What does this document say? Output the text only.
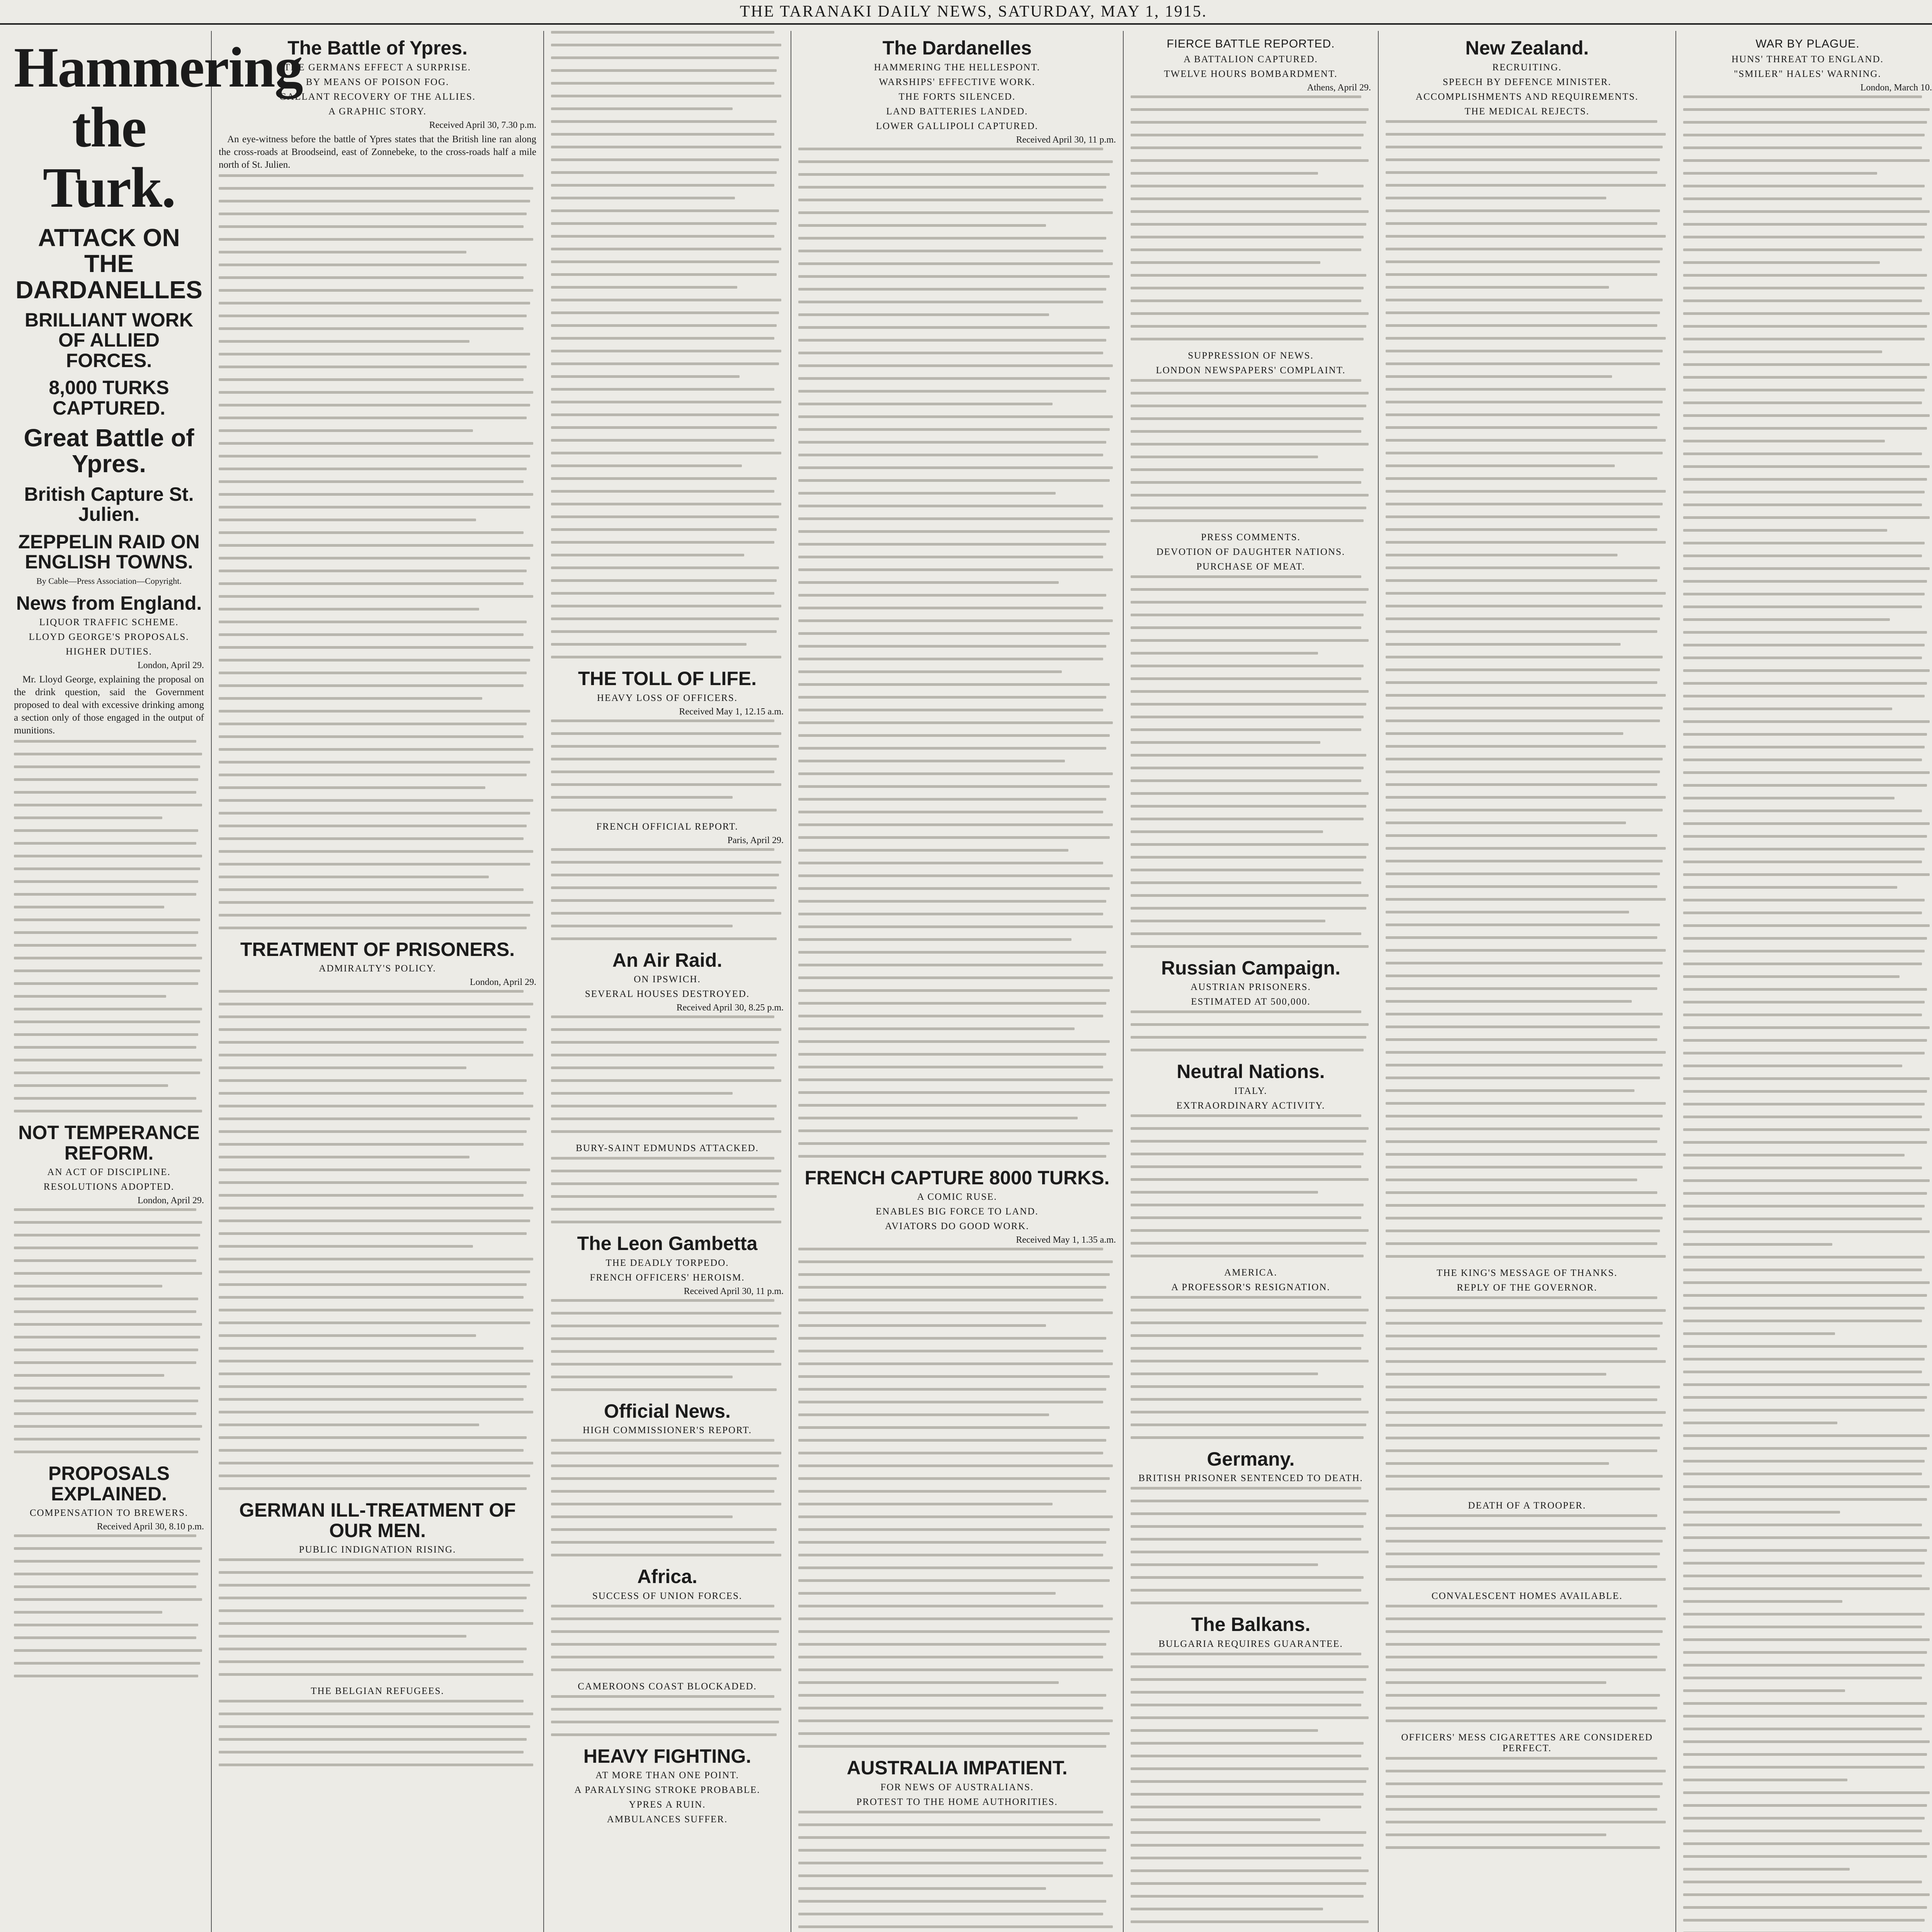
THE TARANAKI DAILY NEWS, SATURDAY, MAY 1, 1915.
Hammering the Turk.
ATTACK ON THE DARDANELLES
BRILLIANT WORK OF ALLIED FORCES.
8,000 TURKS CAPTURED.
Great Battle of Ypres.
British Capture St. Julien.
ZEPPELIN RAID ON ENGLISH TOWNS.
By Cable—Press Association—Copyright.
News from England.
LIQUOR TRAFFIC SCHEME.
LLOYD GEORGE'S PROPOSALS.
HIGHER DUTIES.
London, April 29.

Mr. Lloyd George, explaining the proposal on the drink question, said the Government proposed to deal with excessive drinking among a section only of those engaged in the output of munitions.

NOT TEMPERANCE REFORM.
AN ACT OF DISCIPLINE.
RESOLUTIONS ADOPTED.
London, April 29.
PROPOSALS EXPLAINED.
COMPENSATION TO BREWERS.
Received April 30, 8.10 p.m.
The Battle of Ypres.
THE GERMANS EFFECT A SURPRISE.
BY MEANS OF POISON FOG.
GALLANT RECOVERY OF THE ALLIES.
A GRAPHIC STORY.
Received April 30, 7.30 p.m.

An eye-witness before the battle of Ypres states that the British line ran along the cross-roads at Broodseind, east of Zonnebeke, to the cross-roads half a mile north of St. Julien.

TREATMENT OF PRISONERS.
ADMIRALTY'S POLICY.
London, April 29.
GERMAN ILL-TREATMENT OF OUR MEN.
PUBLIC INDIGNATION RISING.
THE BELGIAN REFUGEES.
THE TOLL OF LIFE.
HEAVY LOSS OF OFFICERS.
Received May 1, 12.15 a.m.
FRENCH OFFICIAL REPORT.
Paris, April 29.
An Air Raid.
ON IPSWICH.
SEVERAL HOUSES DESTROYED.
Received April 30, 8.25 p.m.
BURY-SAINT EDMUNDS ATTACKED.
The Leon Gambetta
THE DEADLY TORPEDO.
FRENCH OFFICERS' HEROISM.
Received April 30, 11 p.m.
Official News.
HIGH COMMISSIONER'S REPORT.
Africa.
SUCCESS OF UNION FORCES.
CAMEROONS COAST BLOCKADED.
HEAVY FIGHTING.
AT MORE THAN ONE POINT.
A PARALYSING STROKE PROBABLE.
YPRES A RUIN.
AMBULANCES SUFFER.
The Dardanelles
HAMMERING THE HELLESPONT.
WARSHIPS' EFFECTIVE WORK.
THE FORTS SILENCED.
LAND BATTERIES LANDED.
LOWER GALLIPOLI CAPTURED.
Received April 30, 11 p.m.
FRENCH CAPTURE 8000 TURKS.
A COMIC RUSE.
ENABLES BIG FORCE TO LAND.
AVIATORS DO GOOD WORK.
Received May 1, 1.35 a.m.
AUSTRALIA IMPATIENT.
FOR NEWS OF AUSTRALIANS.
PROTEST TO THE HOME AUTHORITIES.
FIERCE BATTLE REPORTED.
A BATTALION CAPTURED.
TWELVE HOURS BOMBARDMENT.
Athens, April 29.
SUPPRESSION OF NEWS.
LONDON NEWSPAPERS' COMPLAINT.
PRESS COMMENTS.
DEVOTION OF DAUGHTER NATIONS.
PURCHASE OF MEAT.
Russian Campaign.
AUSTRIAN PRISONERS.
ESTIMATED AT 500,000.
Neutral Nations.
ITALY.
EXTRAORDINARY ACTIVITY.
AMERICA.
A PROFESSOR'S RESIGNATION.
Germany.
BRITISH PRISONER SENTENCED TO DEATH.
The Balkans.
BULGARIA REQUIRES GUARANTEE.
New Zealand.
RECRUITING.
SPEECH BY DEFENCE MINISTER.
ACCOMPLISHMENTS AND REQUIREMENTS.
THE MEDICAL REJECTS.
THE KING'S MESSAGE OF THANKS.
REPLY OF THE GOVERNOR.
DEATH OF A TROOPER.
CONVALESCENT HOMES AVAILABLE.
OFFICERS' MESS CIGARETTES ARE CONSIDERED PERFECT.
WAR BY PLAGUE.
HUNS' THREAT TO ENGLAND.
"SMILER" HALES' WARNING.
London, March 10.
